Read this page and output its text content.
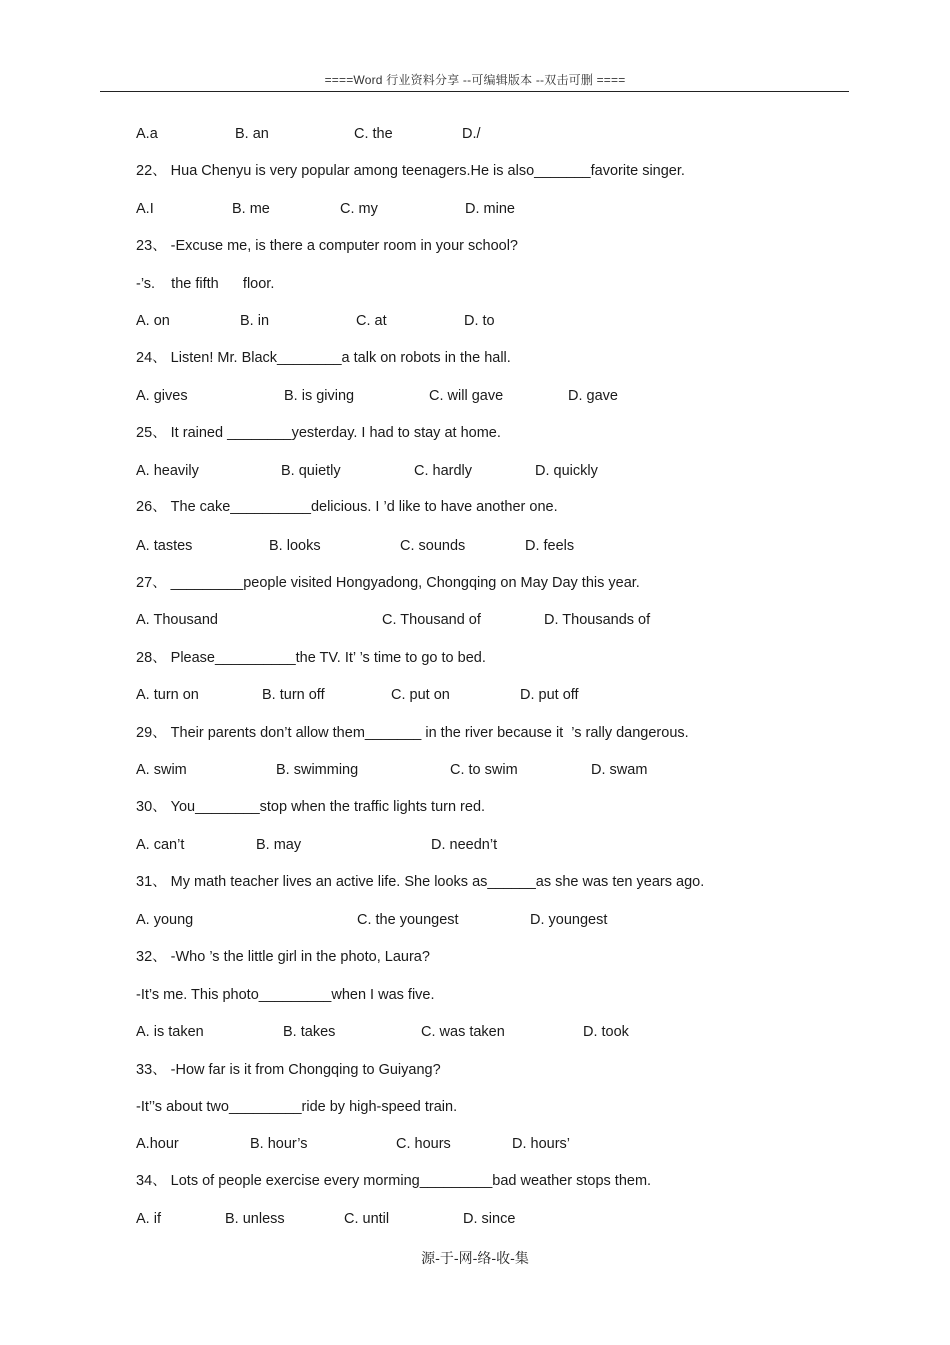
====Word 行业资料分享 --可编辑版本 --双击可删 ====
A.a	B. an	C. the	D./
22、 Hua Chenyu is very popular among teenagers.He is also_______favorite singer.
A.I	B. me	C. my	D. mine
23、 -Excuse me, is there a computer room in your school?
-’s.    the fifth      floor.
A. on	B. in	C. at	D. to
24、 Listen! Mr. Black________a talk on robots in the hall.
A. gives	B. is giving	C. will gave	D. gave
25、 It rained ________yesterday. I had to stay at home.
A. heavily	B. quietly	C. hardly	D. quickly
26、 The cake__________delicious. I ’d like to have another one.
A. tastes	B. looks	C. sounds	D. feels
27、 _________people visited Hongyadong, Chongqing on May Day this year.
A. Thousand	C. Thousand of	D. Thousands of
28、 Please__________the TV. It’ ’s time to go to bed.
A. turn on	B. turn off	C. put on	D. put off
29、 Their parents don’t allow them_______ in the river because it  ’s rally dangerous.
A. swim	B. swimming	C. to swim	D. swam
30、 You________stop when the traffic lights turn red.
A. can’t	B. may	D. needn’t
31、 My math teacher lives an active life. She looks as______as she was ten years ago.
A. young	C. the youngest	D. youngest
32、 -Who ’s the little girl in the photo, Laura?
-It’s me. This photo_________when I was five.
A. is taken	B. takes	C. was taken	D. took
33、 -How far is it from Chongqing to Guiyang?
-It’’s about two_________ride by high-speed train.
A.hour	B. hour’s	C. hours	D. hours’
34、 Lots of people exercise every morming_________bad weather stops them.
A. if	B. unless	C. until	D. since
源-于-网-络-收-集
